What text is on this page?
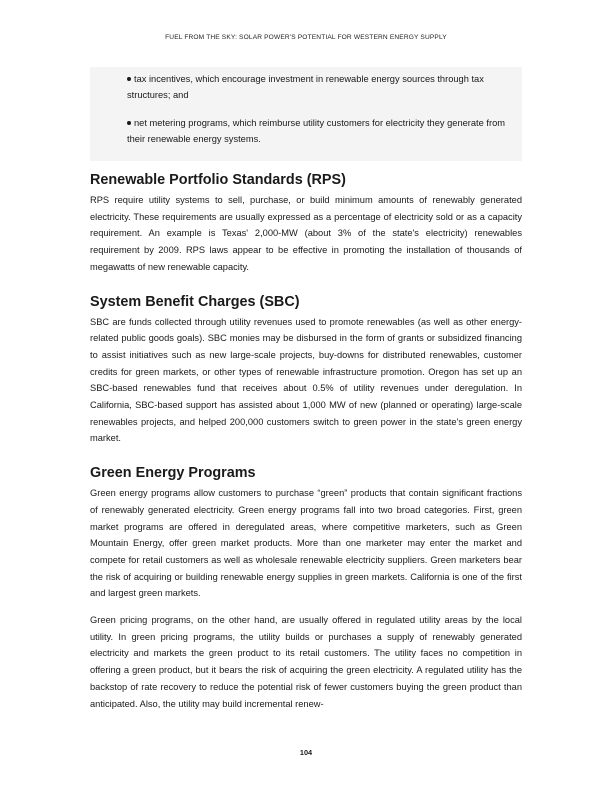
FUEL FROM THE SKY: SOLAR POWER'S POTENTIAL FOR WESTERN ENERGY SUPPLY
tax incentives, which encourage investment in renewable energy sources through tax structures; and
net metering programs, which reimburse utility customers for electricity they generate from their renewable energy systems.
Renewable Portfolio Standards (RPS)

RPS require utility systems to sell, purchase, or build minimum amounts of renewably generated electricity. These requirements are usually expressed as a percentage of electricity sold or as a capacity requirement. An example is Texas' 2,000-MW (about 3% of the state's electricity) renewables requirement by 2009. RPS laws appear to be effective in promoting the installation of thousands of megawatts of new renewable capacity.

System Benefit Charges (SBC)

SBC are funds collected through utility revenues used to promote renewables (as well as other energy-related public goods goals). SBC monies may be disbursed in the form of grants or subsidized financing to assist initiatives such as new large-scale projects, buy-downs for distributed renewables, customer credits for green markets, or other types of renewable infrastructure promotion. Oregon has set up an SBC-based renewables fund that receives about 0.5% of utility revenues under deregulation. In California, SBC-based support has assisted about 1,000 MW of new (planned or operating) large-scale renewables projects, and helped 200,000 customers switch to green power in the state's green energy market.

Green Energy Programs

Green energy programs allow customers to purchase “green” products that contain significant fractions of renewably generated electricity. Green energy programs fall into two broad categories. First, green market programs are offered in deregulated areas, where competitive marketers, such as Green Mountain Energy, offer green market products. More than one marketer may enter the market and compete for retail customers as well as wholesale renewable electricity suppliers. Green marketers bear the risk of acquiring or building renewable energy supplies in green markets. California is one of the first and largest green markets.

Green pricing programs, on the other hand, are usually offered in regulated utility areas by the local utility. In green pricing programs, the utility builds or purchases a supply of renewably generated electricity and markets the green product to its retail customers. The utility faces no competition in offering a green product, but it bears the risk of acquiring the green electricity. A regulated utility has the backstop of rate recovery to reduce the potential risk of fewer customers buying the green product than anticipated. Also, the utility may build incremental renew-

104
